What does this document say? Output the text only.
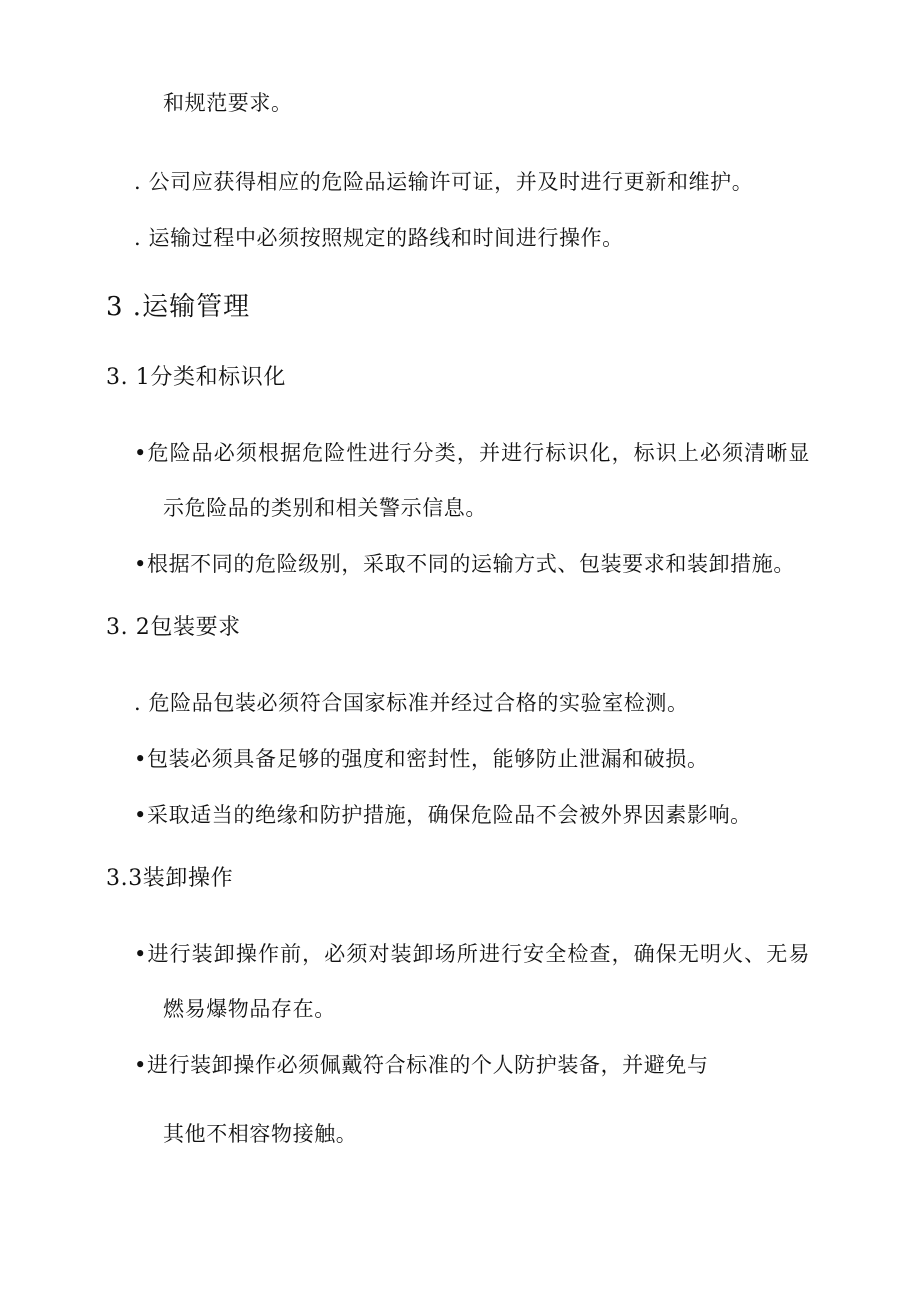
和规范要求。
. 公司应获得相应的危险品运输许可证，并及时进行更新和维护。
. 运输过程中必须按照规定的路线和时间进行操作。
3 .运输管理
3. 1分类和标识化
•危险品必须根据危险性进行分类，并进行标识化，标识上必须清晰显
示危险品的类别和相关警示信息。
•根据不同的危险级别，采取不同的运输方式、包装要求和装卸措施。
3. 2包装要求
. 危险品包装必须符合国家标准并经过合格的实验室检测。
•包装必须具备足够的强度和密封性，能够防止泄漏和破损。
•采取适当的绝缘和防护措施，确保危险品不会被外界因素影响。
3.3装卸操作
•进行装卸操作前，必须对装卸场所进行安全检查，确保无明火、无易
燃易爆物品存在。
•进行装卸操作必须佩戴符合标准的个人防护装备，并避免与
其他不相容物接触。
